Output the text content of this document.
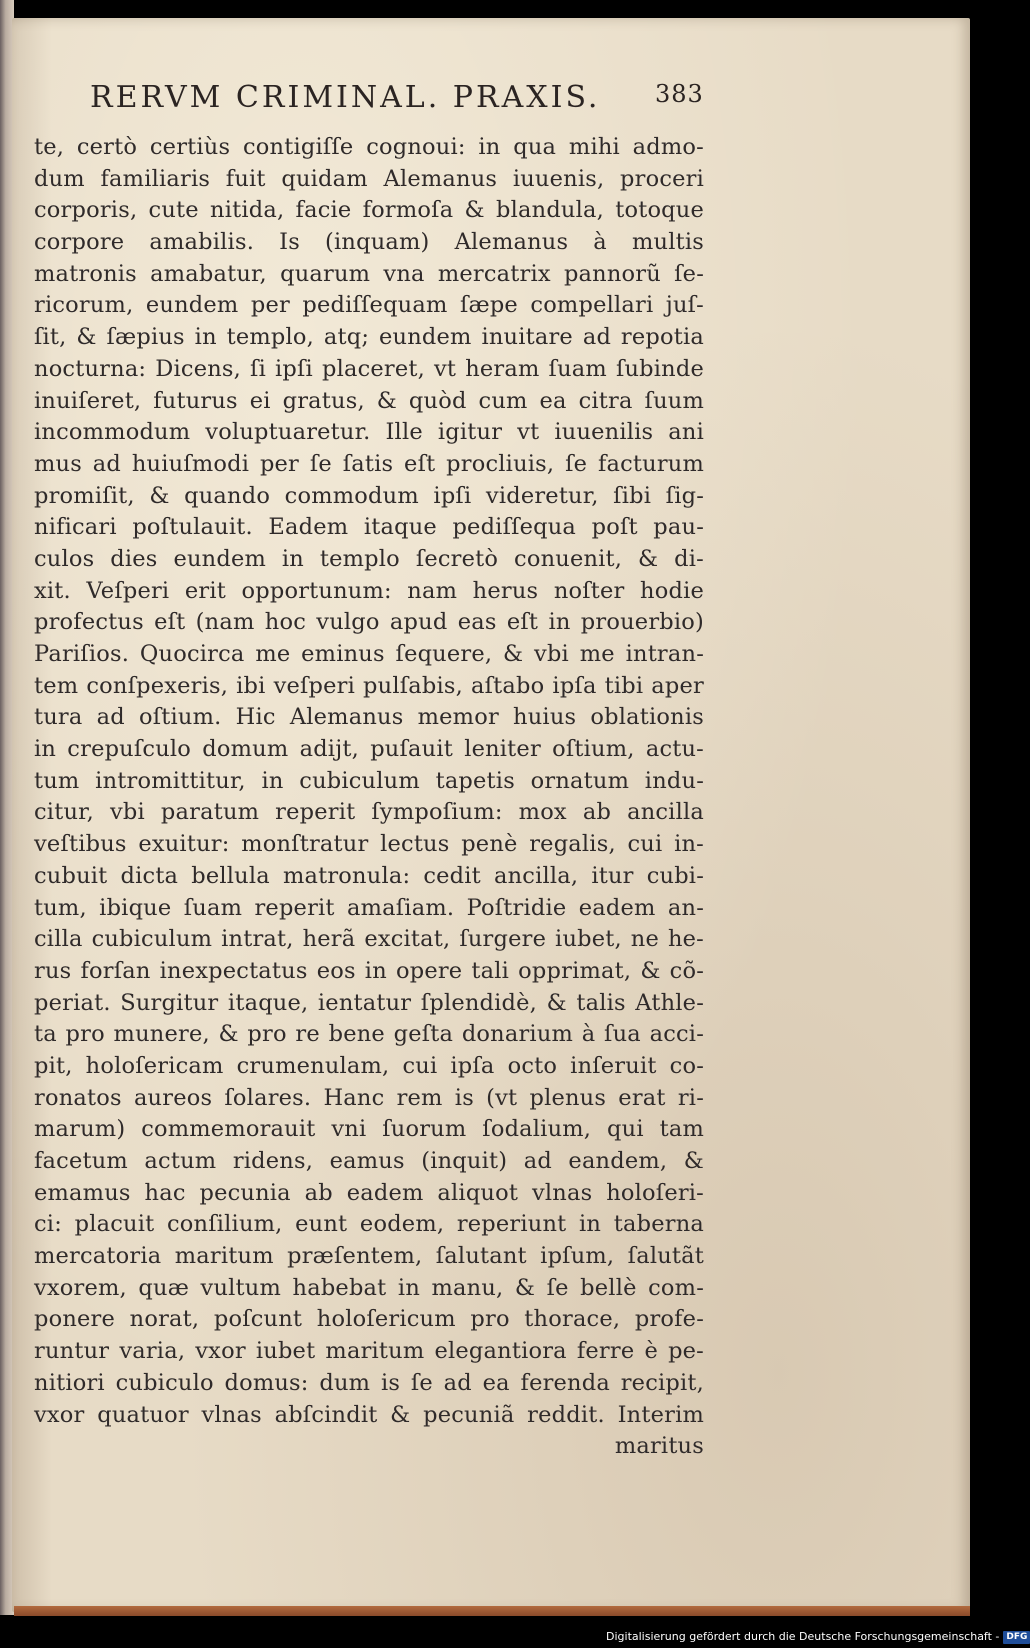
RERVM CRIMINAL. PRAXIS. 383
te, certò certiùs contigiſſe cognoui: in qua mihi admo-
dum familiaris fuit quidam Alemanus iuuenis, proceri
corporis, cute nitida, facie formoſa & blandula, totoque
corpore amabilis. Is (inquam) Alemanus à multis
matronis amabatur, quarum vna mercatrix pannorũ ſe-
ricorum, eundem per pediſſequam ſæpe compellari juſ-
ſit, & ſæpius in templo, atq; eundem inuitare ad repotia
nocturna: Dicens, ſi ipſi placeret, vt heram ſuam ſubinde
inuiſeret, futurus ei gratus, & quòd cum ea citra ſuum
incommodum voluptuaretur. Ille igitur vt iuuenilis ani
mus ad huiuſmodi per ſe ſatis eſt procliuis, ſe facturum
promiſit, & quando commodum ipſi videretur, ſibi ſig-
nificari poſtulauit. Eadem itaque pediſſequa poſt pau-
culos dies eundem in templo ſecretò conuenit, & di-
xit. Veſperi erit opportunum: nam herus noſter hodie
profectus eſt (nam hoc vulgo apud eas eſt in prouerbio)
Pariſios. Quocirca me eminus ſequere, & vbi me intran-
tem conſpexeris, ibi veſperi pulſabis, aſtabo ipſa tibi aper
tura ad oſtium. Hic Alemanus memor huius oblationis
in crepuſculo domum adijt, puſauit leniter oſtium, actu-
tum intromittitur, in cubiculum tapetis ornatum indu-
citur, vbi paratum reperit ſympoſium: mox ab ancilla
veſtibus exuitur: monſtratur lectus penè regalis, cui in-
cubuit dicta bellula matronula: cedit ancilla, itur cubi-
tum, ibique ſuam reperit amaſiam. Poſtridie eadem an-
cilla cubiculum intrat, herã excitat, ſurgere iubet, ne he-
rus forſan inexpectatus eos in opere tali opprimat, & cõ-
periat. Surgitur itaque, ientatur ſplendidè, & talis Athle-
ta pro munere, & pro re bene geſta donarium à ſua acci-
pit, holoſericam crumenulam, cui ipſa octo inſeruit co-
ronatos aureos ſolares. Hanc rem is (vt plenus erat ri-
marum) commemorauit vni ſuorum ſodalium, qui tam
facetum actum ridens, eamus (inquit) ad eandem, &
emamus hac pecunia ab eadem aliquot vlnas holoſeri-
ci: placuit conſilium, eunt eodem, reperiunt in taberna
mercatoria maritum præſentem, ſalutant ipſum, ſalutãt
vxorem, quæ vultum habebat in manu, & ſe bellè com-
ponere norat, poſcunt holoſericum pro thorace, profe-
runtur varia, vxor iubet maritum elegantiora ferre è pe-
nitiori cubiculo domus: dum is ſe ad ea ferenda recipit,
vxor quatuor vlnas abſcindit & pecuniã reddit. Interim
maritus
Digitalisierung gefördert durch die Deutsche Forschungsgemeinschaft - DFG
